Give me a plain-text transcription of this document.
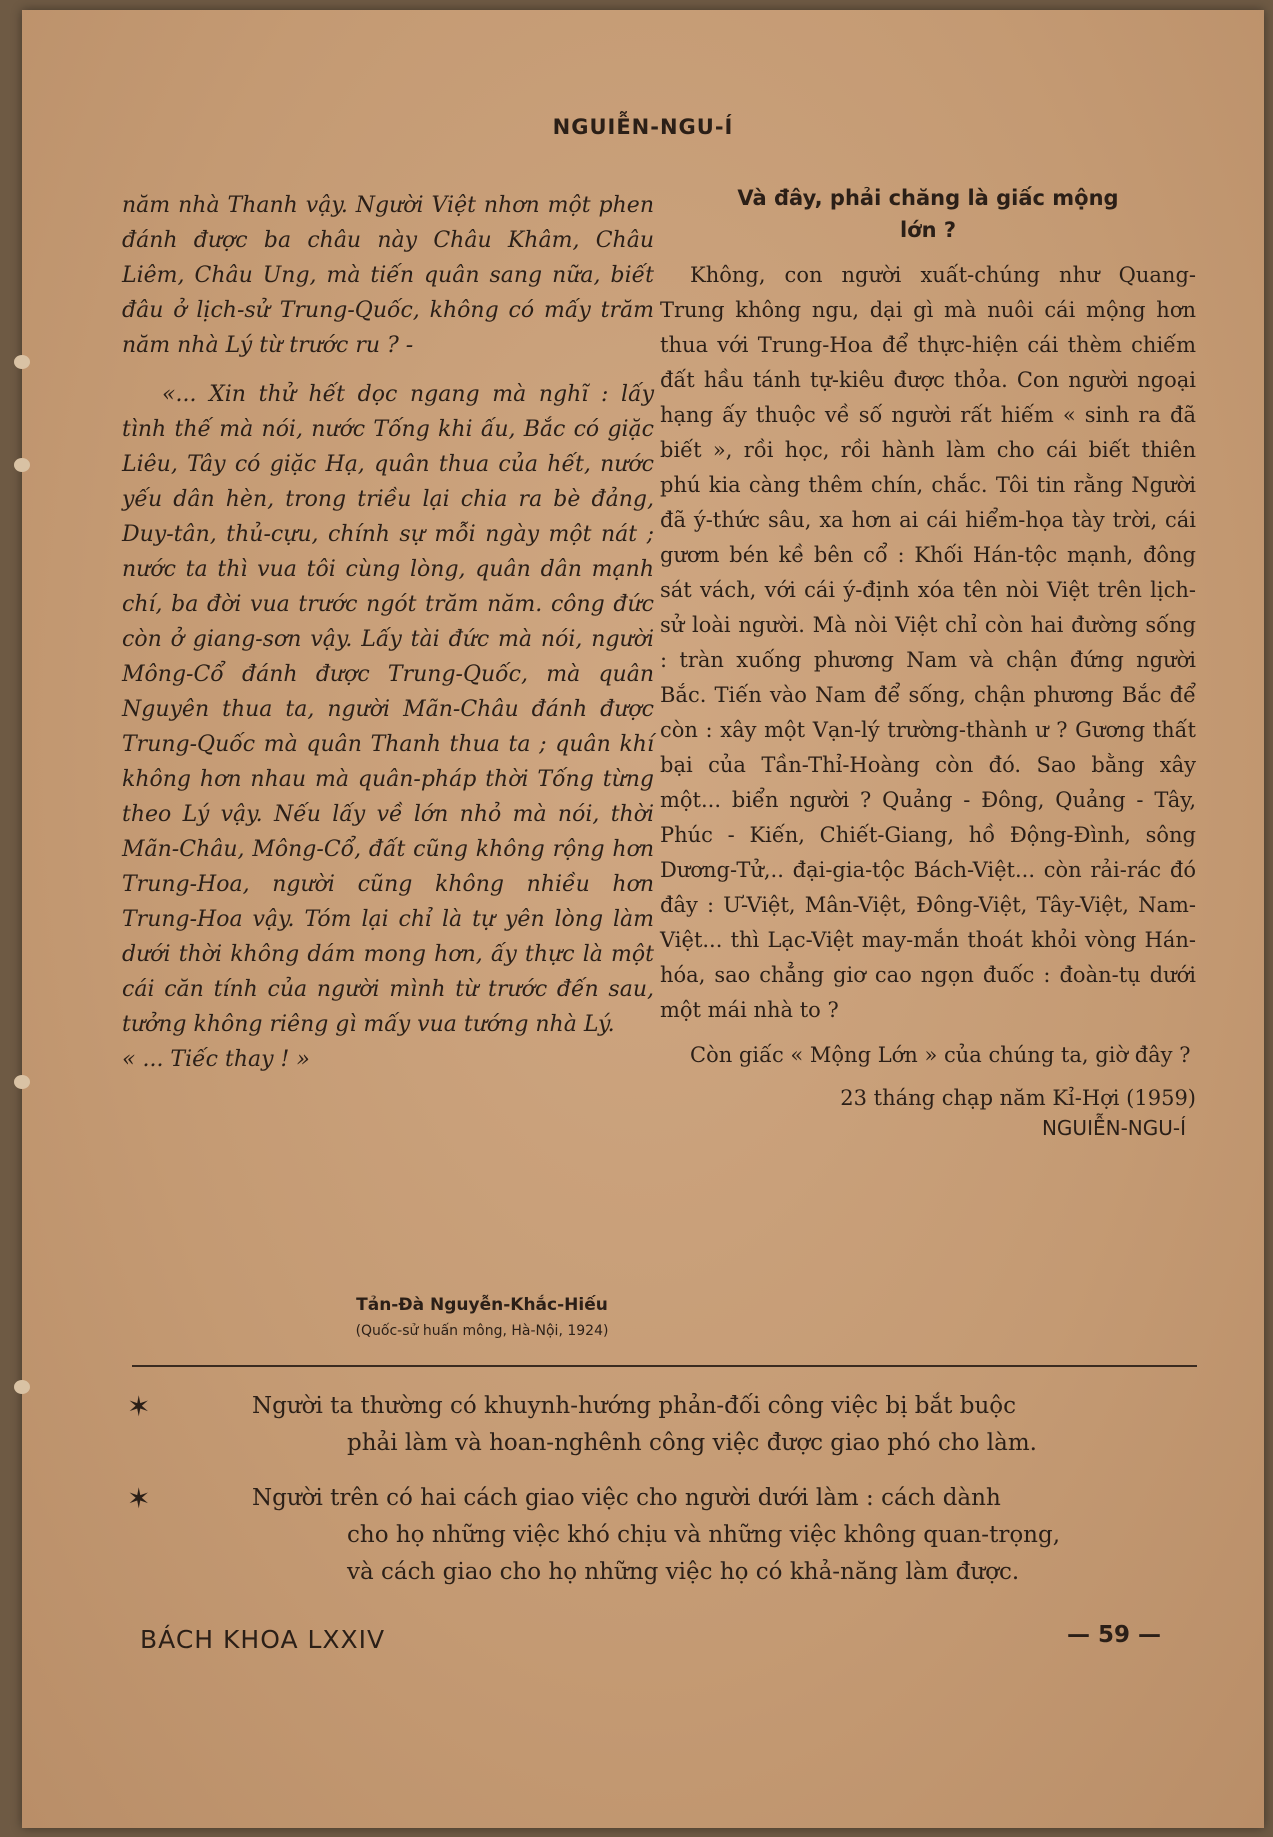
NGUIỄN-NGU-Í

năm nhà Thanh vậy. Người Việt nhơn một phen đánh được ba châu này Châu Khâm, Châu Liêm, Châu Ung, mà tiến quân sang nữa, biết đâu ở lịch-sử Trung-Quốc, không có mấy trăm năm nhà Lý từ trước ru ? -

«... Xin thử hết dọc ngang mà nghĩ : lấy tình thế mà nói, nước Tống khi ấu, Bắc có giặc Liêu, Tây có giặc Hạ, quân thua của hết, nước yếu dân hèn, trong triều lại chia ra bè đảng, Duy-tân, thủ-cựu, chính sự mỗi ngày một nát ; nước ta thì vua tôi cùng lòng, quân dân mạnh chí, ba đời vua trước ngót trăm năm. công đức còn ở giang-sơn vậy. Lấy tài đức mà nói, người Mông-Cổ đánh được Trung-Quốc, mà quân Nguyên thua ta, người Mãn-Châu đánh được Trung-Quốc mà quân Thanh thua ta ; quân khí không hơn nhau mà quân-pháp thời Tống từng theo Lý vậy. Nếu lấy về lớn nhỏ mà nói, thời Mãn-Châu, Mông-Cổ, đất cũng không rộng hơn Trung-Hoa, người cũng không nhiều hơn Trung-Hoa vậy. Tóm lại chỉ là tự yên lòng làm dưới thời không dám mong hơn, ấy thực là một cái căn tính của người mình từ trước đến sau, tưởng không riêng gì mấy vua tướng nhà Lý.

« ... Tiếc thay ! »

Tản-Đà Nguyễn-Khắc-Hiếu
(Quốc-sử huấn mông, Hà-Nội, 1924)
Và đây, phải chăng là giấc mộng lớn ?

Không, con người xuất-chúng như Quang-Trung không ngu, dại gì mà nuôi cái mộng hơn thua với Trung-Hoa để thực-hiện cái thèm chiếm đất hầu tánh tự-kiêu được thỏa. Con người ngoại hạng ấy thuộc về số người rất hiếm « sinh ra đã biết », rồi học, rồi hành làm cho cái biết thiên phú kia càng thêm chín, chắc. Tôi tin rằng Người đã ý-thức sâu, xa hơn ai cái hiểm-họa tày trời, cái gươm bén kề bên cổ : Khối Hán-tộc mạnh, đông sát vách, với cái ý-định xóa tên nòi Việt trên lịch-sử loài người. Mà nòi Việt chỉ còn hai đường sống : tràn xuống phương Nam và chận đứng người Bắc. Tiến vào Nam để sống, chận phương Bắc để còn : xây một Vạn-lý trường-thành ư ? Gương thất bại của Tần-Thỉ-Hoàng còn đó. Sao bằng xây một... biển người ? Quảng - Đông, Quảng - Tây, Phúc - Kiến, Chiết-Giang, hồ Động-Đình, sông Dương-Tử,.. đại-gia-tộc Bách-Việt... còn rải-rác đó đây : Ư-Việt, Mân-Việt, Đông-Việt, Tây-Việt, Nam-Việt... thì Lạc-Việt may-mắn thoát khỏi vòng Hán-hóa, sao chẳng giơ cao ngọn đuốc : đoàn-tụ dưới một mái nhà to ?

Còn giấc « Mộng Lớn » của chúng ta, giờ đây ?

23 tháng chạp năm Kỉ-Hợi (1959)

NGUIỄN-NGU-Í

✶	Người ta thường có khuynh-hướng phản-đối công việc bị bắt buộc
phải làm và hoan-nghênh công việc được giao phó cho làm.
✶	Người trên có hai cách giao việc cho người dưới làm : cách dành
cho họ những việc khó chịu và những việc không quan-trọng,
và cách giao cho họ những việc họ có khả-năng làm được.
BÁCH KHOA LXXIV	— 59 —
